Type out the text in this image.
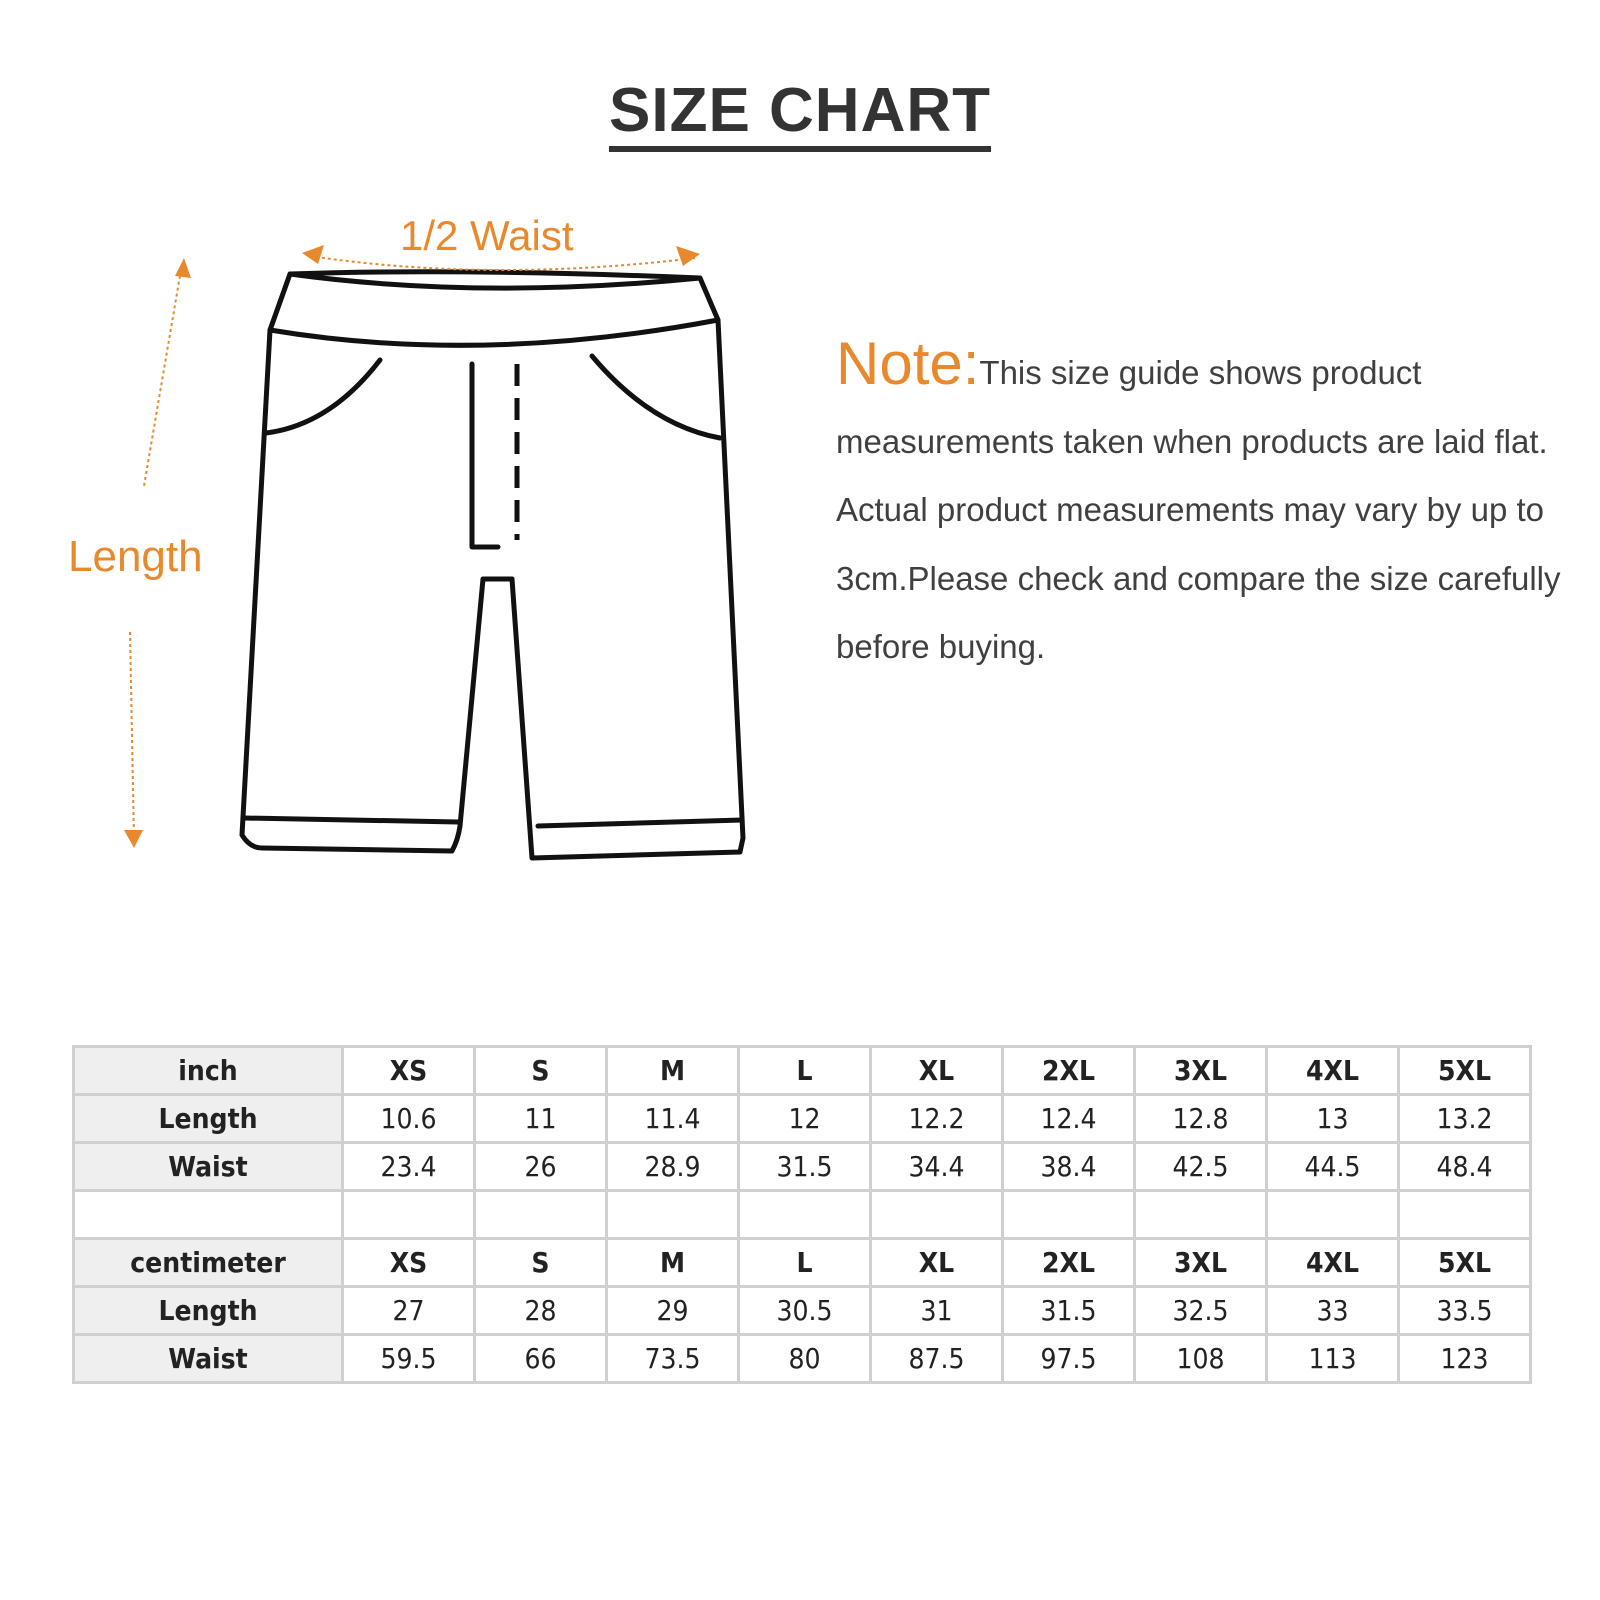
SIZE CHART
1/2 Waist
Length
Note:This size guide shows product measurements taken when products are laid flat. Actual product measurements may vary by up to 3cm.Please check and compare the size carefully before buying.
inch	XS	S	M	L	XL	2XL	3XL	4XL	5XL
Length	10.6	11	11.4	12	12.2	12.4	12.8	13	13.2
Waist	23.4	26	28.9	31.5	34.4	38.4	42.5	44.5	48.4

centimeter	XS	S	M	L	XL	2XL	3XL	4XL	5XL
Length	27	28	29	30.5	31	31.5	32.5	33	33.5
Waist	59.5	66	73.5	80	87.5	97.5	108	113	123
